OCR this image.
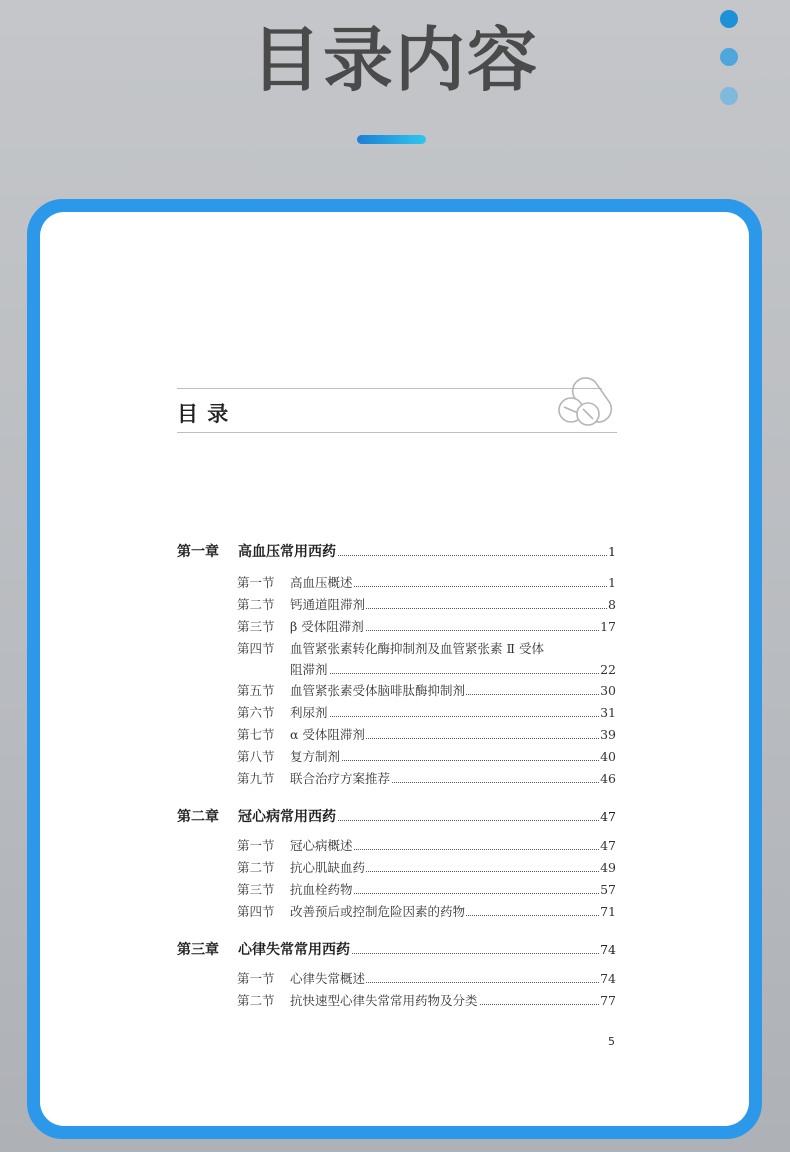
目录内容
目 录
第一章 高血压常用西药	1
第一节 高血压概述	1
第二节 钙通道阻滞剂	8
第三节 β 受体阻滞剂	17
第四节 血管紧张素转化酶抑制剂及血管紧张素 Ⅱ 受体
阻滞剂	22
第五节 血管紧张素受体脑啡肽酶抑制剂	30
第六节 利尿剂	31
第七节 α 受体阻滞剂	39
第八节 复方制剂	40
第九节 联合治疗方案推荐	46
第二章 冠心病常用西药	47
第一节 冠心病概述	47
第二节 抗心肌缺血药	49
第三节 抗血栓药物	57
第四节 改善预后或控制危险因素的药物	71
第三章 心律失常常用西药	74
第一节 心律失常概述	74
第二节 抗快速型心律失常常用药物及分类	77
5
